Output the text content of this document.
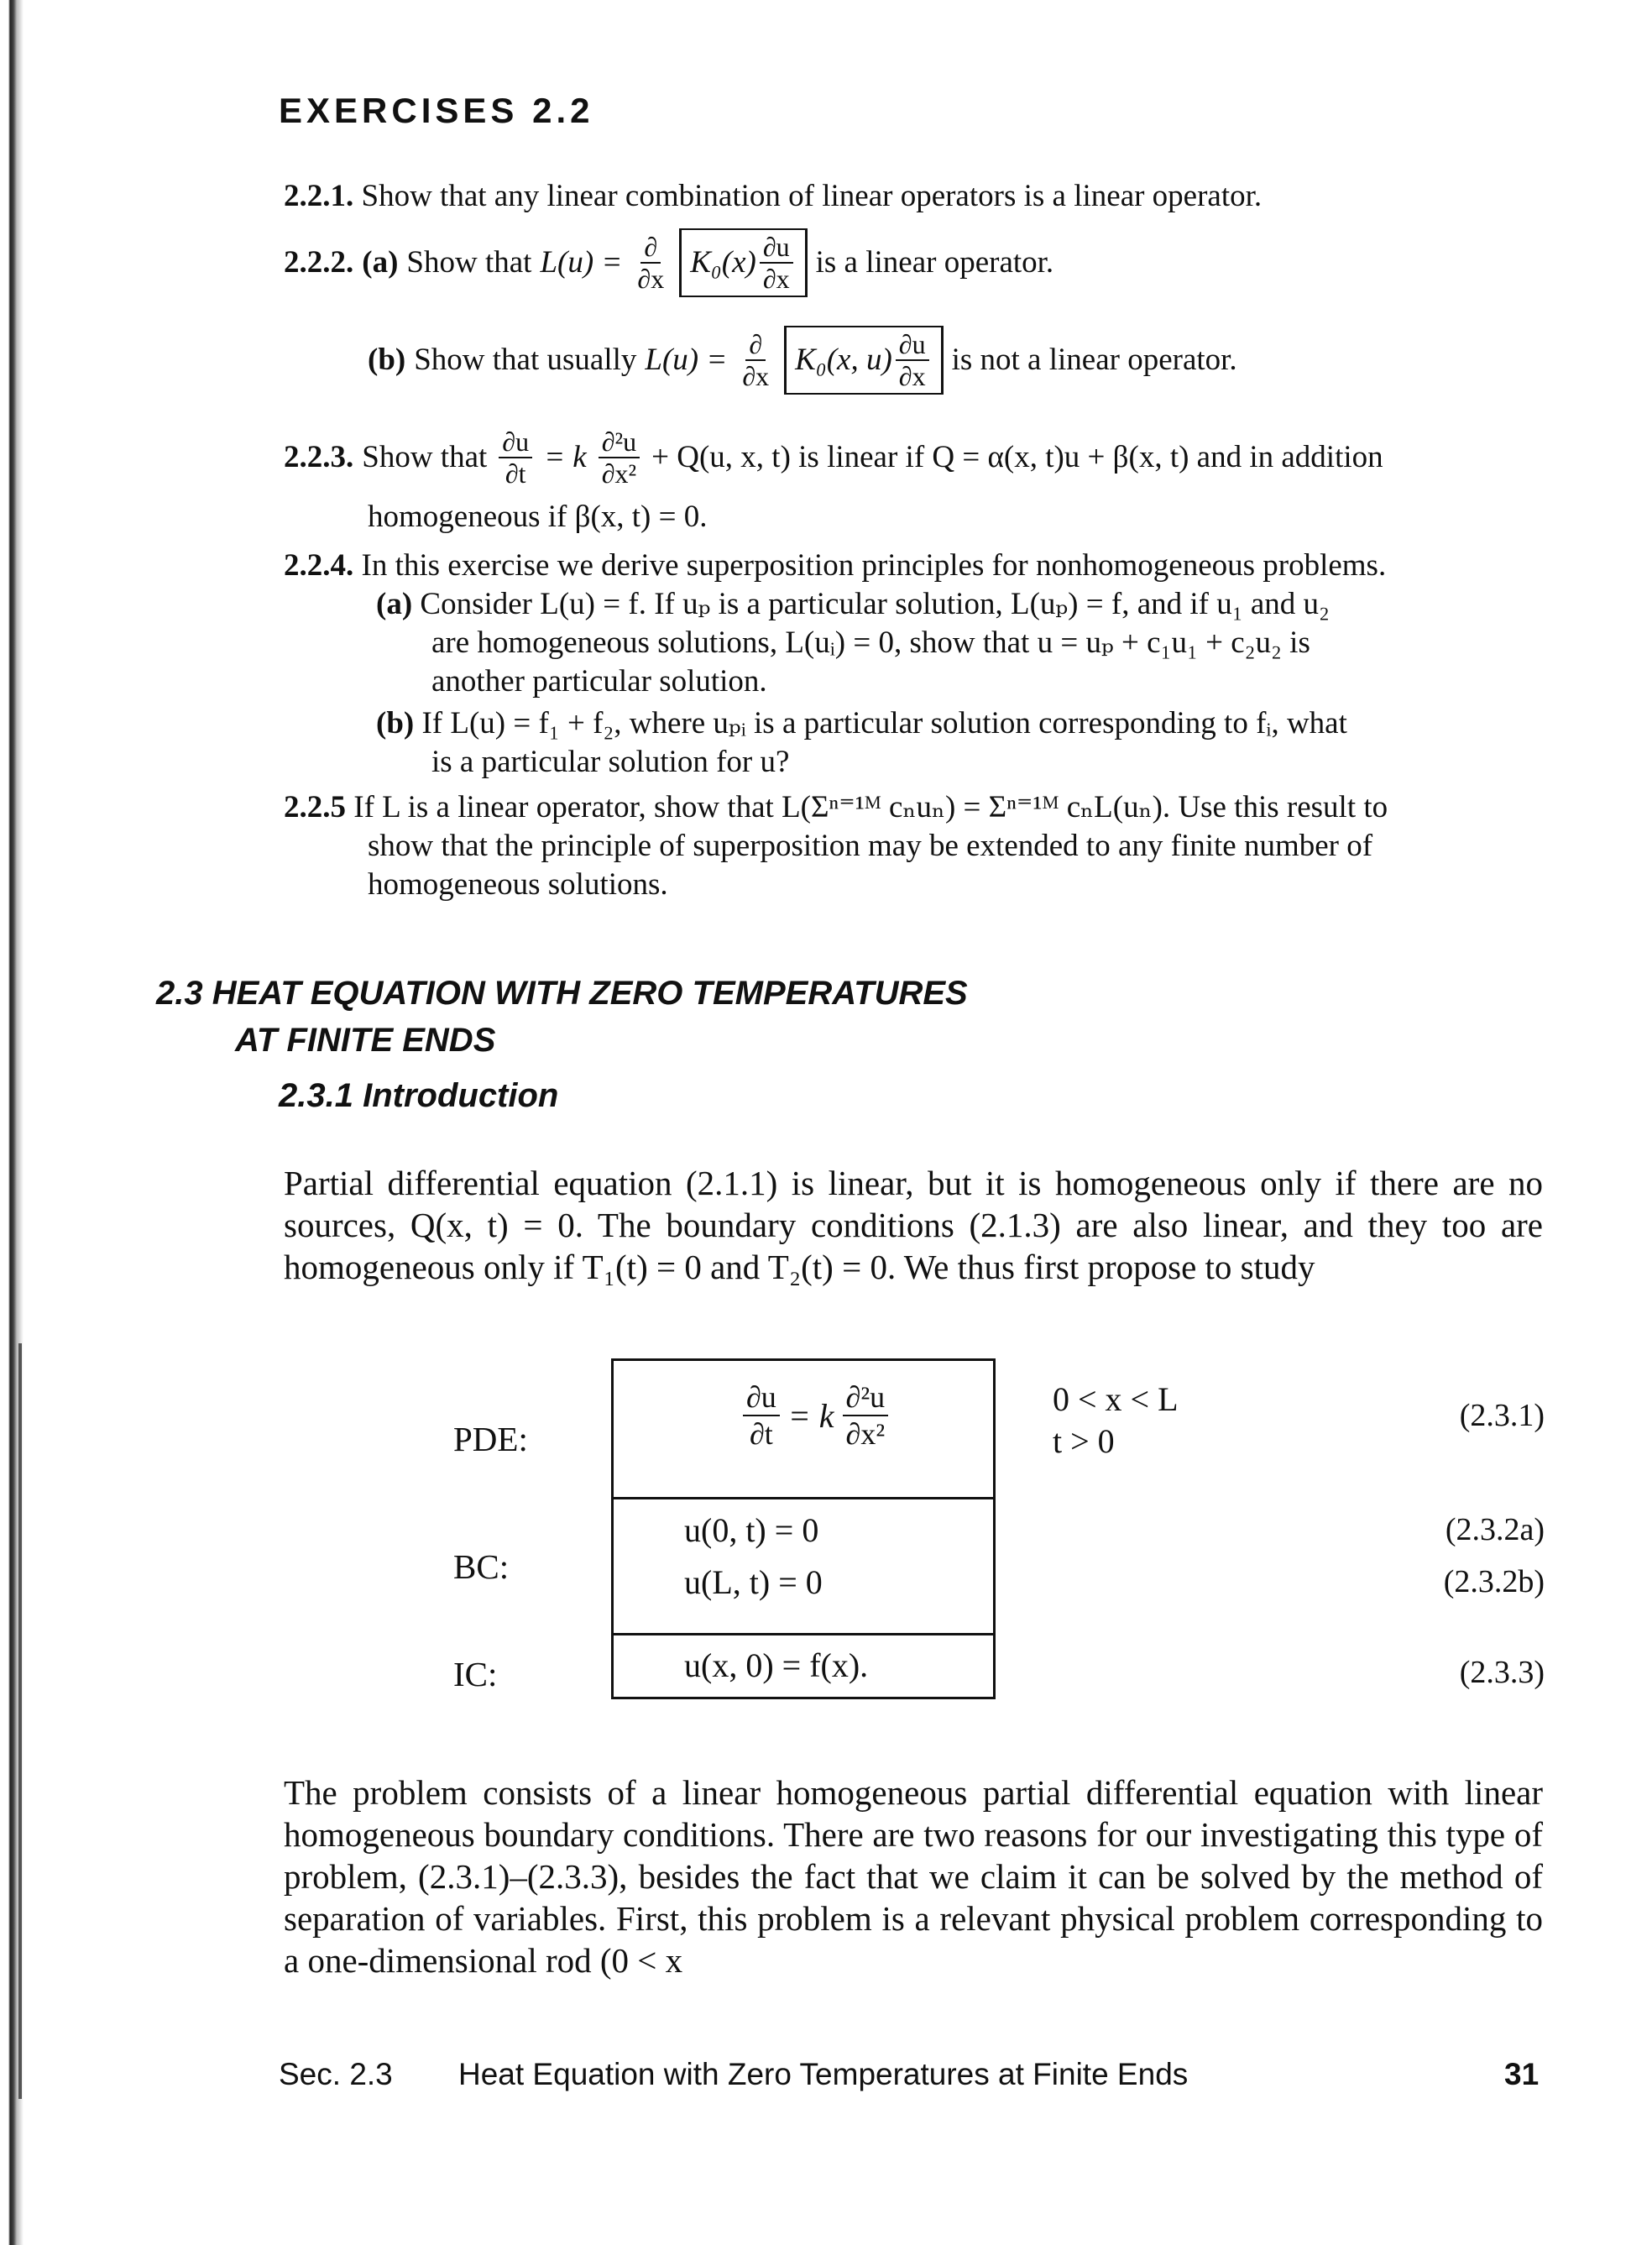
EXERCISES 2.2
2.2.1. Show that any linear combination of linear operators is a linear operator.
2.2.2. (a) Show that $L(u) = \frac{\partial}{\partial x} K_0(x) \frac{\partial u}{\partial x}$ is a linear operator.
(b) Show that usually $L(u) = \frac{\partial}{\partial x} K_0(x$, $u) \frac{\partial u}{\partial x}$ is not a linear operator.
2.2.3. Show that $\frac{\partial u}{\partial t} = k \frac{\text{∂²u}}{\text{∂x²}} + Q(u$, x, t) is linear if Q = α(x, t)u + β(x, t) and in addition
homogeneous if β(x, t) = 0.
2.2.4. In this exercise we derive superposition principles for nonhomogeneous problems.
(a) Consider L(u) = f. If uₚ is a particular solution, L(uₚ) = f, and if u₁ and u₂
are homogeneous solutions, L(uᵢ) = 0, show that u = uₚ + c₁u₁ + c₂u₂ is
another particular solution.
(b) If L(u) = f₁ + f₂, where uₚᵢ is a particular solution corresponding to fᵢ, what
is a particular solution for u?
2.2.5 If L is a linear operator, show that L(Σⁿ⁼¹ᴹ cₙuₙ) = Σⁿ⁼¹ᴹ cₙL(uₙ). Use this result to
show that the principle of superposition may be extended to any finite number of
homogeneous solutions.
2.3 HEAT EQUATION WITH ZERO TEMPERATURES
AT FINITE ENDS
2.3.1 Introduction
Partial differential equation (2.1.1) is linear, but it is homogeneous only if there are no sources, Q(x, t) = 0. The boundary conditions (2.1.3) are also linear, and they too are homogeneous only if T₁(t) = 0 and T₂(t) = 0. We thus first propose to study
PDE:
BC:
IC:
$\frac{\partial u}{\partial t} = k \frac{\text{∂²u}}{\text{∂x²}}$
u(0, t) = 0
u(L, t) = 0
u(x, 0) = f(x).
0 < x < L
t > 0
(2.3.1)
(2.3.2a)
(2.3.2b)
(2.3.3)
The problem consists of a linear homogeneous partial differential equation with linear homogeneous boundary conditions. There are two reasons for our investigating this type of problem, (2.3.1)–(2.3.3), besides the fact that we claim it can be solved by the method of separation of variables. First, this problem is a relevant physical problem corresponding to a one-dimensional rod (0 < x
Sec. 2.3 Heat Equation with Zero Temperatures at Finite Ends	31
